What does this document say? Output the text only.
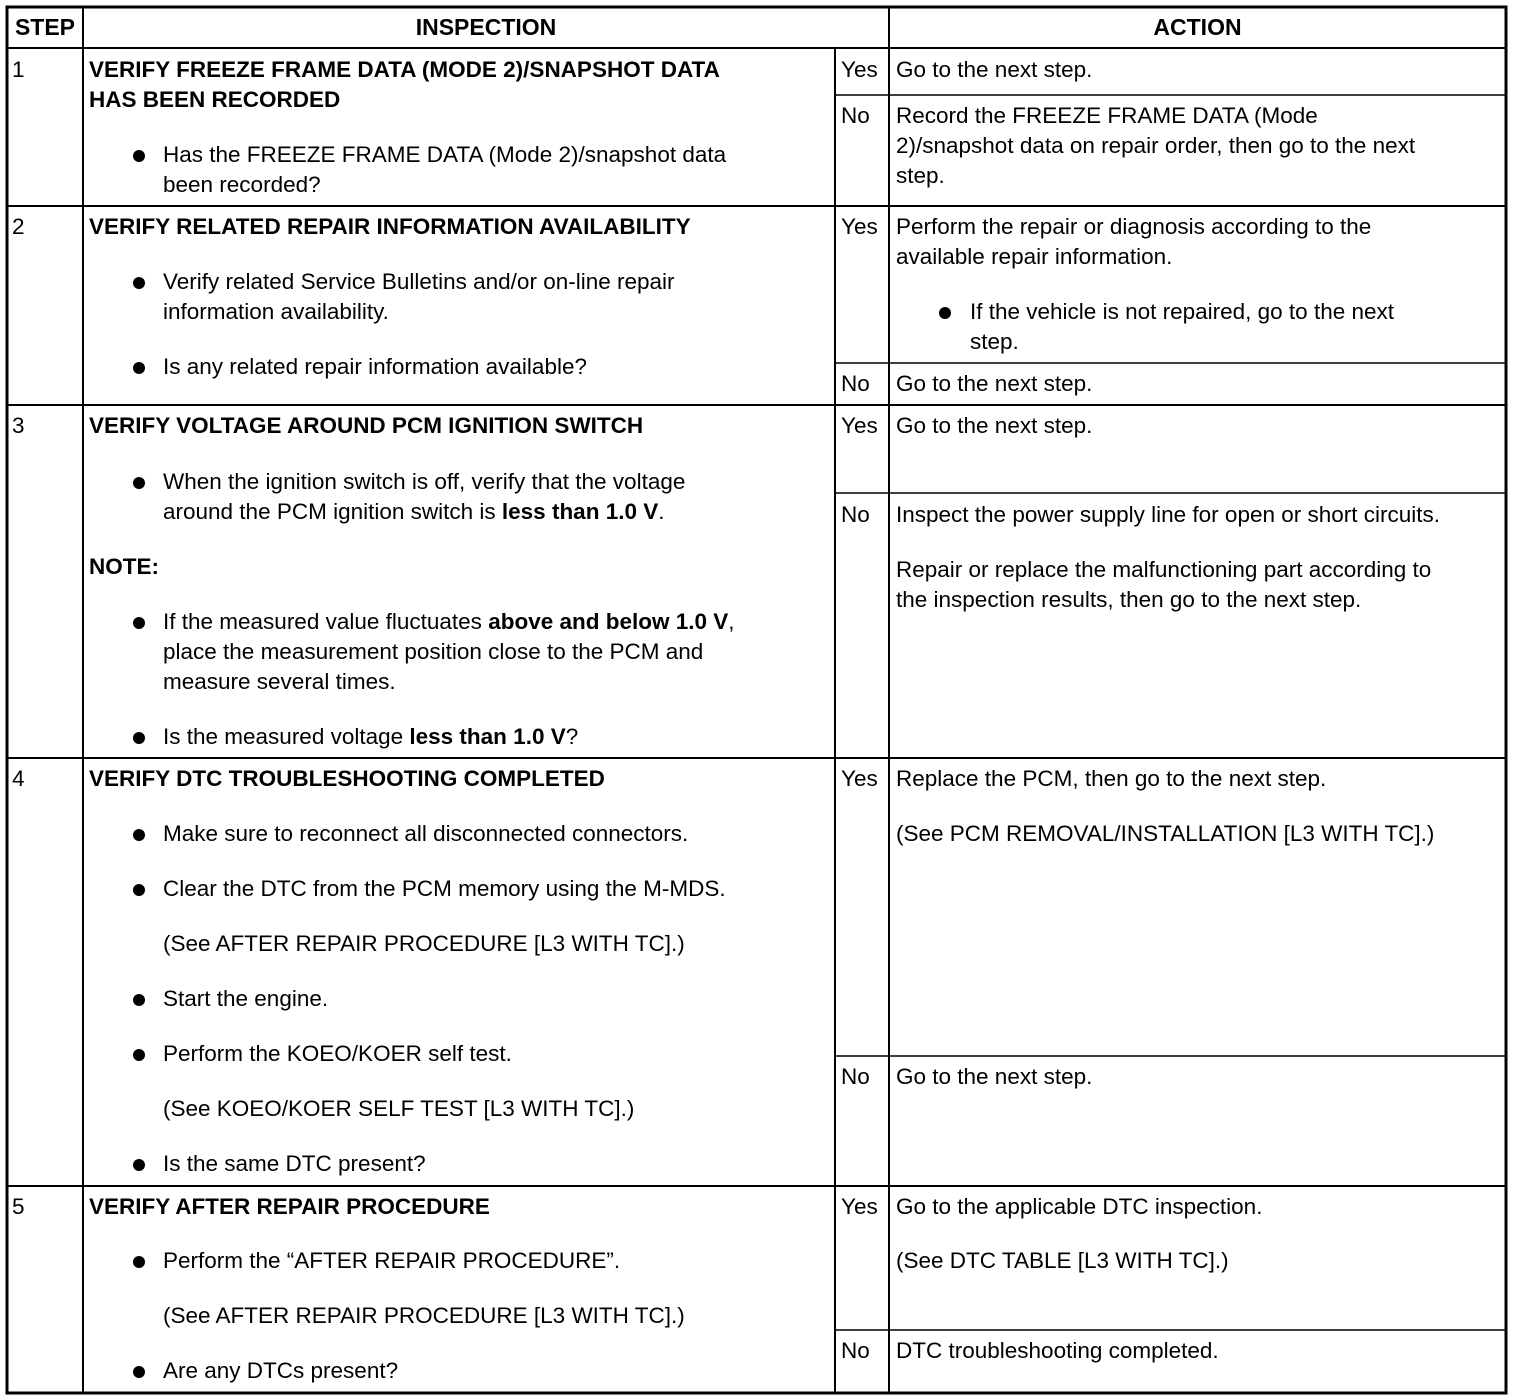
STEP	INSPECTION	ACTION
1	VERIFY FREEZE FRAME DATA (MODE 2)/SNAPSHOT DATA
HAS BEEN RECORDED
Has the FREEZE FRAME DATA (Mode 2)/snapshot data
been recorded?
Yes Go to the next step.
No Record the FREEZE FRAME DATA (Mode
2)/snapshot data on repair order, then go to the next
step.
2	VERIFY RELATED REPAIR INFORMATION AVAILABILITY
Verify related Service Bulletins and/or on-line repair
information availability.
Is any related repair information available?
Yes Perform the repair or diagnosis according to the
available repair information.
If the vehicle is not repaired, go to the next
step.
No Go to the next step.
3	VERIFY VOLTAGE AROUND PCM IGNITION SWITCH
When the ignition switch is off, verify that the voltage
around the PCM ignition switch is less than 1.0 V.
NOTE:
If the measured value fluctuates above and below 1.0 V,
place the measurement position close to the PCM and
measure several times.
Is the measured voltage less than 1.0 V?
Yes Go to the next step.
No Inspect the power supply line for open or short circuits.
Repair or replace the malfunctioning part according to
the inspection results, then go to the next step.
4	VERIFY DTC TROUBLESHOOTING COMPLETED
Make sure to reconnect all disconnected connectors.
Clear the DTC from the PCM memory using the M-MDS.
(See AFTER REPAIR PROCEDURE [L3 WITH TC].)
Start the engine.
Perform the KOEO/KOER self test.
(See KOEO/KOER SELF TEST [L3 WITH TC].)
Is the same DTC present?
Yes Replace the PCM, then go to the next step.
(See PCM REMOVAL/INSTALLATION [L3 WITH TC].)
No Go to the next step.
5	VERIFY AFTER REPAIR PROCEDURE
Perform the “AFTER REPAIR PROCEDURE”.
(See AFTER REPAIR PROCEDURE [L3 WITH TC].)
Are any DTCs present?
Yes Go to the applicable DTC inspection.
(See DTC TABLE [L3 WITH TC].)
No DTC troubleshooting completed.
